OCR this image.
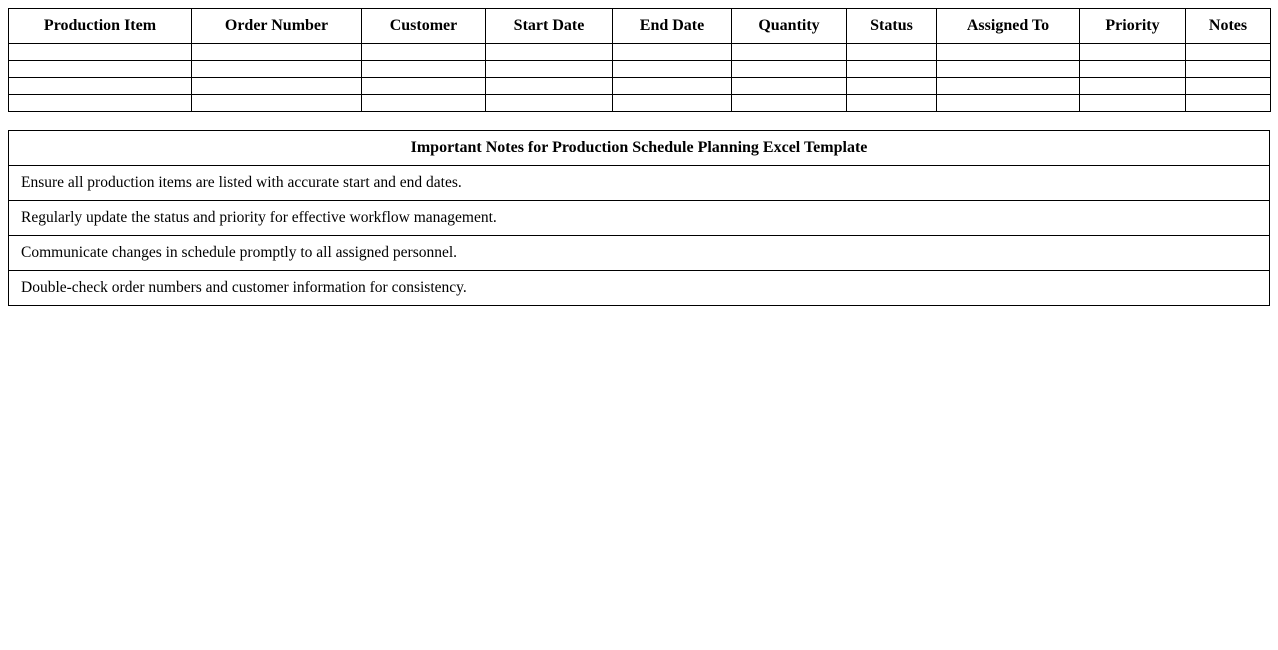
Production Item	Order Number	Customer	Start Date	End Date	Quantity	Status	Assigned To	Priority	Notes

Important Notes for Production Schedule Planning Excel Template
Ensure all production items are listed with accurate start and end dates.
Regularly update the status and priority for effective workflow management.
Communicate changes in schedule promptly to all assigned personnel.
Double-check order numbers and customer information for consistency.
